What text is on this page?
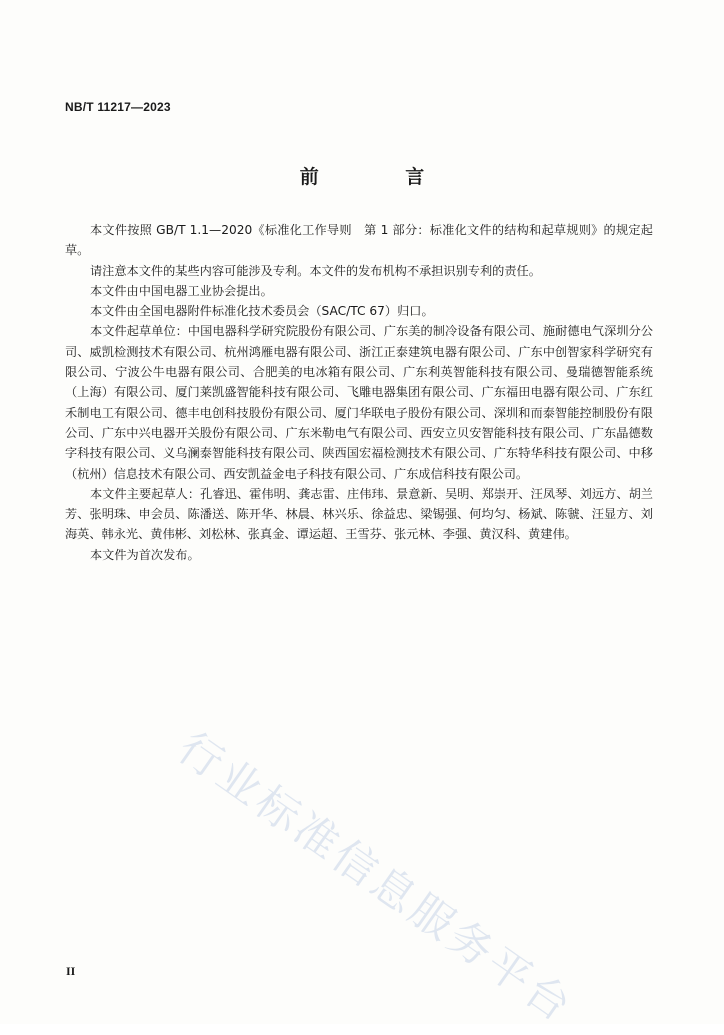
NB/T 11217—2023
前 言

本文件按照 GB/T 1.1—2020《标准化工作导则　第 1 部分：标准化文件的结构和起草规则》的规定起草。

请注意本文件的某些内容可能涉及专利。本文件的发布机构不承担识别专利的责任。

本文件由中国电器工业协会提出。

本文件由全国电器附件标准化技术委员会（SAC/TC 67）归口。

本文件起草单位：中国电器科学研究院股份有限公司、广东美的制冷设备有限公司、施耐德电气深圳分公司、威凯检测技术有限公司、杭州鸿雁电器有限公司、浙江正泰建筑电器有限公司、广东中创智家科学研究有限公司、宁波公牛电器有限公司、合肥美的电冰箱有限公司、广东利英智能科技有限公司、曼瑞德智能系统（上海）有限公司、厦门莱凯盛智能科技有限公司、飞雕电器集团有限公司、广东福田电器有限公司、广东红禾制电工有限公司、德丰电创科技股份有限公司、厦门华联电子股份有限公司、深圳和而泰智能控制股份有限公司、广东中兴电器开关股份有限公司、广东米勒电气有限公司、西安立贝安智能科技有限公司、广东晶德数字科技有限公司、义乌澜泰智能科技有限公司、陕西国宏福检测技术有限公司、广东特华科技有限公司、中移（杭州）信息技术有限公司、西安凯益金电子科技有限公司、广东成信科技有限公司。

本文件主要起草人：孔睿迅、霍伟明、龚志雷、庄伟玮、景意新、吴明、郑崇开、汪凤琴、刘远方、胡兰芳、张明珠、申会员、陈潘送、陈开华、林晨、林兴乐、徐益忠、梁锡强、何均匀、杨斌、陈虢、汪显方、刘海英、韩永光、黄伟彬、刘松林、张真金、谭运超、王雪芬、张元林、李强、黄汉科、黄建伟。

本文件为首次发布。

行业标准信息服务平台
II
